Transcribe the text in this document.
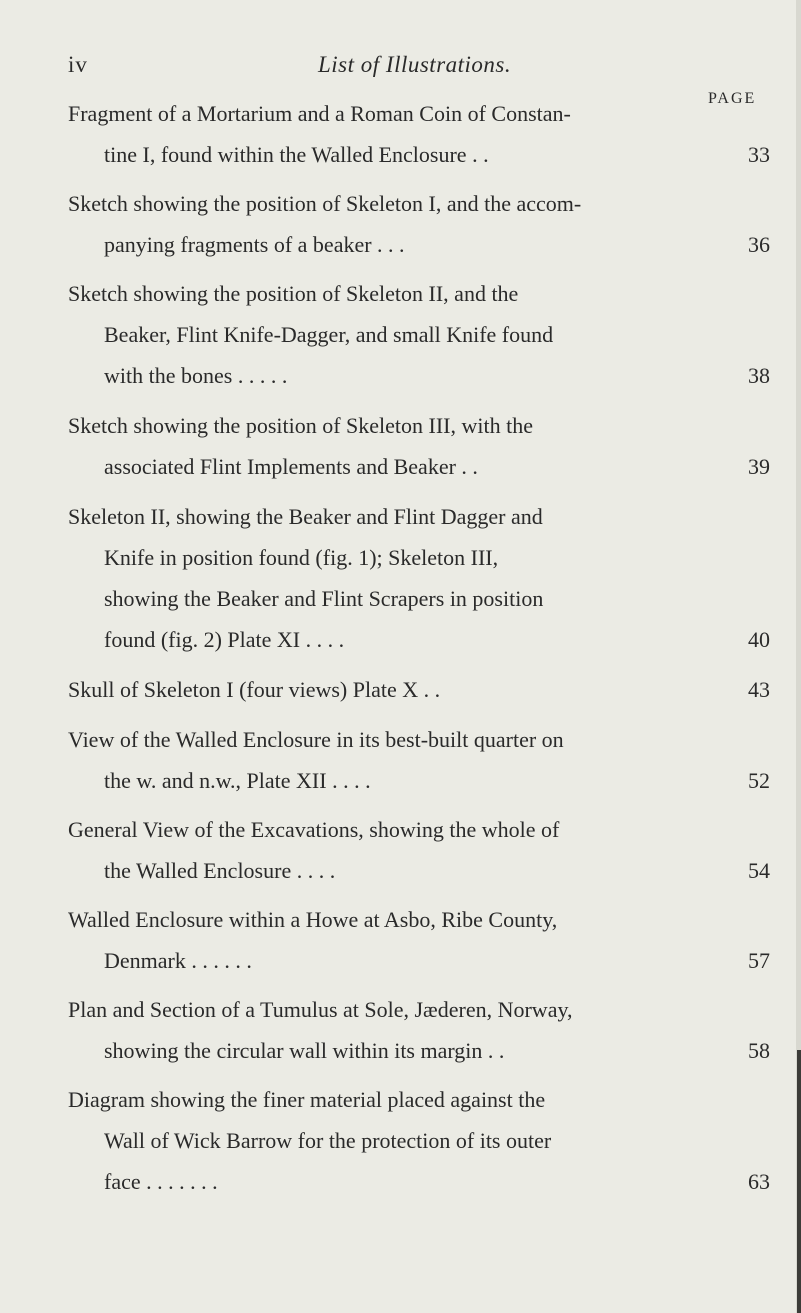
iv	List of Illustrations.
PAGE
Fragment of a Mortarium and a Roman Coin of Constan-
tine I, found within the Walled Enclosure . .	33
Sketch showing the position of Skeleton I, and the accom-
panying fragments of a beaker . . .	36
Sketch showing the position of Skeleton II, and the
Beaker, Flint Knife-Dagger, and small Knife found
with the bones . . . . .	38
Sketch showing the position of Skeleton III, with the
associated Flint Implements and Beaker . .	39
Skeleton II, showing the Beaker and Flint Dagger and
Knife in position found (fig. 1); Skeleton III,
showing the Beaker and Flint Scrapers in position
found (fig. 2) Plate XI . . . .	40
Skull of Skeleton I (four views) Plate X . .	43
View of the Walled Enclosure in its best-built quarter on
the w. and n.w., Plate XII . . . .	52
General View of the Excavations, showing the whole of
the Walled Enclosure . . . .	54
Walled Enclosure within a Howe at Asbo, Ribe County,
Denmark . . . . . .	57
Plan and Section of a Tumulus at Sole, Jæderen, Norway,
showing the circular wall within its margin . .	58
Diagram showing the finer material placed against the
Wall of Wick Barrow for the protection of its outer
face . . . . . . .	63
